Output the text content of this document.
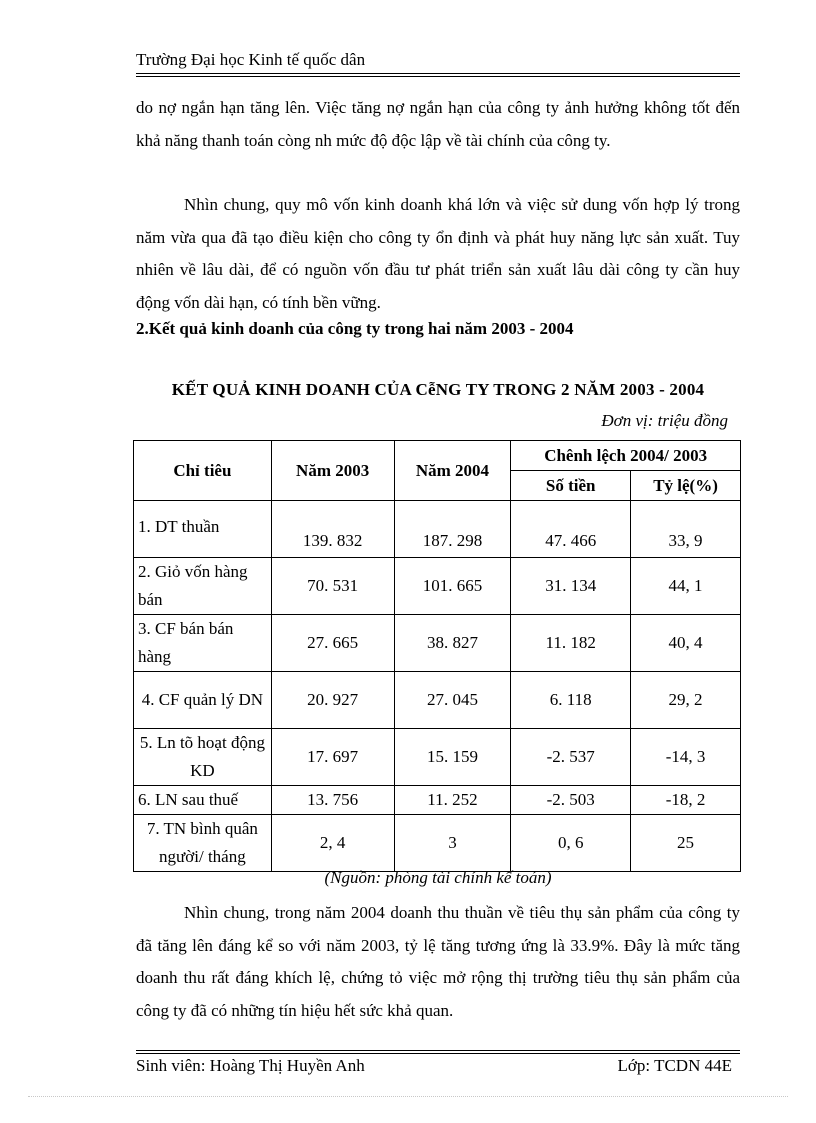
Trường Đại học Kinh tế quốc dân
do nợ ngắn hạn tăng lên. Việc tăng nợ ngắn hạn của công ty ảnh hưởng không tốt đến khả năng thanh toán còng nh mức độ độc lập về tài chính của công ty.
Nhìn chung, quy mô vốn kinh doanh khá lớn và việc sử dung vốn hợp lý trong năm vừa qua đã tạo điều kiện cho công ty ổn định và phát huy năng lực sản xuất. Tuy nhiên về lâu dài, để có nguồn vốn đầu tư phát triển sản xuất lâu dài công ty cần huy động vốn dài hạn, có tính bền vững.
2.Kết quả kinh doanh của công ty trong hai năm 2003 - 2004
KẾT QUẢ KINH DOANH CỦA CễNG TY TRONG 2 NĂM 2003 - 2004
Đơn vị: triệu đồng
Chỉ tiêu	Năm 2003	Năm 2004	Chênh lệch 2004/ 2003	
			Số tiền	Tỷ lệ(%)
1. DT thuần	139. 832	187. 298	47. 466	33, 9
2. Giỏ vốn hàng bán	70. 531	101. 665	31. 134	44, 1
3. CF bán bán hàng	27. 665	38. 827	11. 182	40, 4
4. CF quản lý DN	20. 927	27. 045	6. 118	29, 2
5. Ln tõ hoạt động KD	17. 697	15. 159	-2. 537	-14, 3
6. LN sau thuế	13. 756	11. 252	-2. 503	-18, 2
7. TN bình quân người/ tháng	2, 4	3	0, 6	25
(Nguồn: phòng tài chính kế toán)
Nhìn chung, trong năm 2004 doanh thu thuần về tiêu thụ sản phẩm của công ty đã tăng lên đáng kể so với năm 2003, tỷ lệ tăng tương ứng là 33.9%. Đây là mức tăng doanh thu rất đáng khích lệ, chứng tỏ việc mở rộng thị trường tiêu thụ sản phẩm của công ty đã có những tín hiệu hết sức khả quan.
Sinh viên: Hoàng Thị Huyền Anh	Lớp: TCDN 44E
